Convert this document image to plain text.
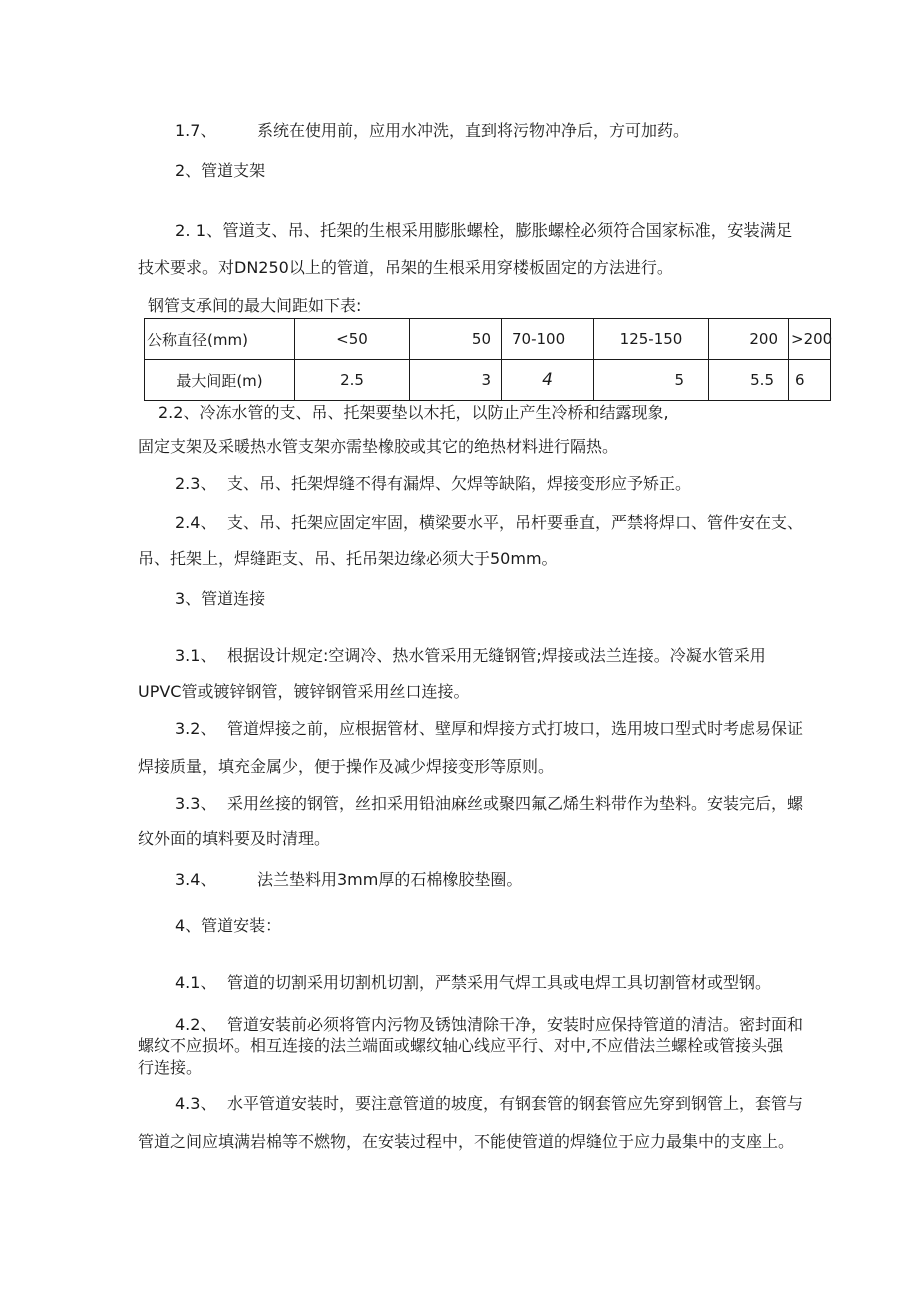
1.7、	系统在使用前，应用水冲洗，直到将污物冲净后，方可加药。
2、管道支架
2. 1、管道支、吊、托架的生根采用膨胀螺栓，膨胀螺栓必须符合国家标准，安装满足
技术要求。对DN250以上的管道，吊架的生根采用穿楼板固定的方法进行。
钢管支承间的最大间距如下表:
公称直径(mm)	<50	50	70-100	125-150	200	>200
最大间距(m)	2.5	3	4	5	5.5	6
2.2、冷冻水管的支、吊、托架要垫以木托，以防止产生冷桥和结露现象,
固定支架及采暖热水管支架亦需垫橡胶或其它的绝热材料进行隔热。
2.3、 支、吊、托架焊缝不得有漏焊、欠焊等缺陷，焊接变形应予矫正。
2.4、 支、吊、托架应固定牢固，横梁要水平，吊杆要垂直，严禁将焊口、管件安在支、
吊、托架上，焊缝距支、吊、托吊架边缘必须大于50mm。
3、管道连接
3.1、 根据设计规定:空调冷、热水管采用无缝钢管;焊接或法兰连接。冷凝水管采用
UPVC管或镀锌钢管，镀锌钢管采用丝口连接。
3.2、 管道焊接之前，应根据管材、壁厚和焊接方式打坡口，选用坡口型式时考虑易保证
焊接质量，填充金属少，便于操作及减少焊接变形等原则。
3.3、 采用丝接的钢管，丝扣采用铅油麻丝或聚四氟乙烯生料带作为垫料。安装完后，螺
纹外面的填料要及时清理。
3.4、	法兰垫料用3mm厚的石棉橡胶垫圈。
4、管道安装：
4.1、 管道的切割采用切割机切割，严禁采用气焊工具或电焊工具切割管材或型钢。
4.2、 管道安装前必须将管内污物及锈蚀清除干净，安装时应保持管道的清洁。密封面和
螺纹不应损坏。相互连接的法兰端面或螺纹轴心线应平行、对中,不应借法兰螺栓或管接头强
行连接。
4.3、 水平管道安装时，要注意管道的坡度，有钢套管的钢套管应先穿到钢管上，套管与
管道之间应填满岩棉等不燃物，在安装过程中，不能使管道的焊缝位于应力最集中的支座上。
